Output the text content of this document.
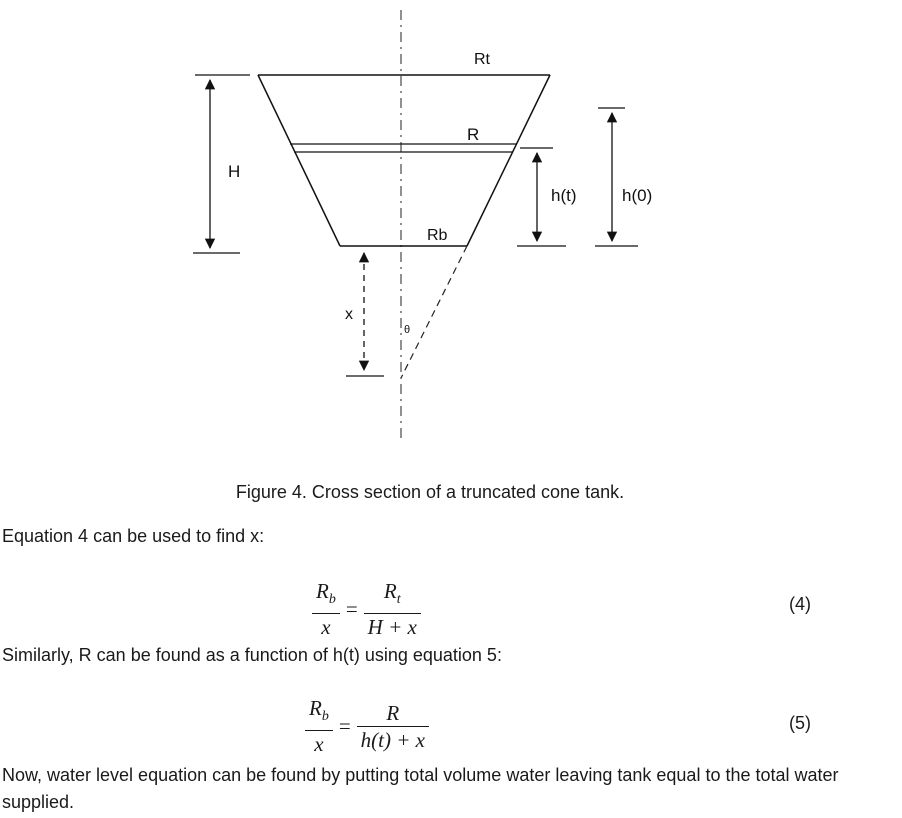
H
h(t)	h(0)
x
Rt
R
Rb
θ
Figure 4. Cross section of a truncated cone tank.
Equation 4 can be used to find x:
$\frac{R_b}{x} = \frac{R_t}{H + x}$	(4)
Similarly, R can be found as a function of h(t) using equation 5:
$\frac{R_b}{x} = \frac{R}{h(t) + x}$	(5)
Now, water level equation can be found by putting total volume water leaving tank equal to the total water supplied.
